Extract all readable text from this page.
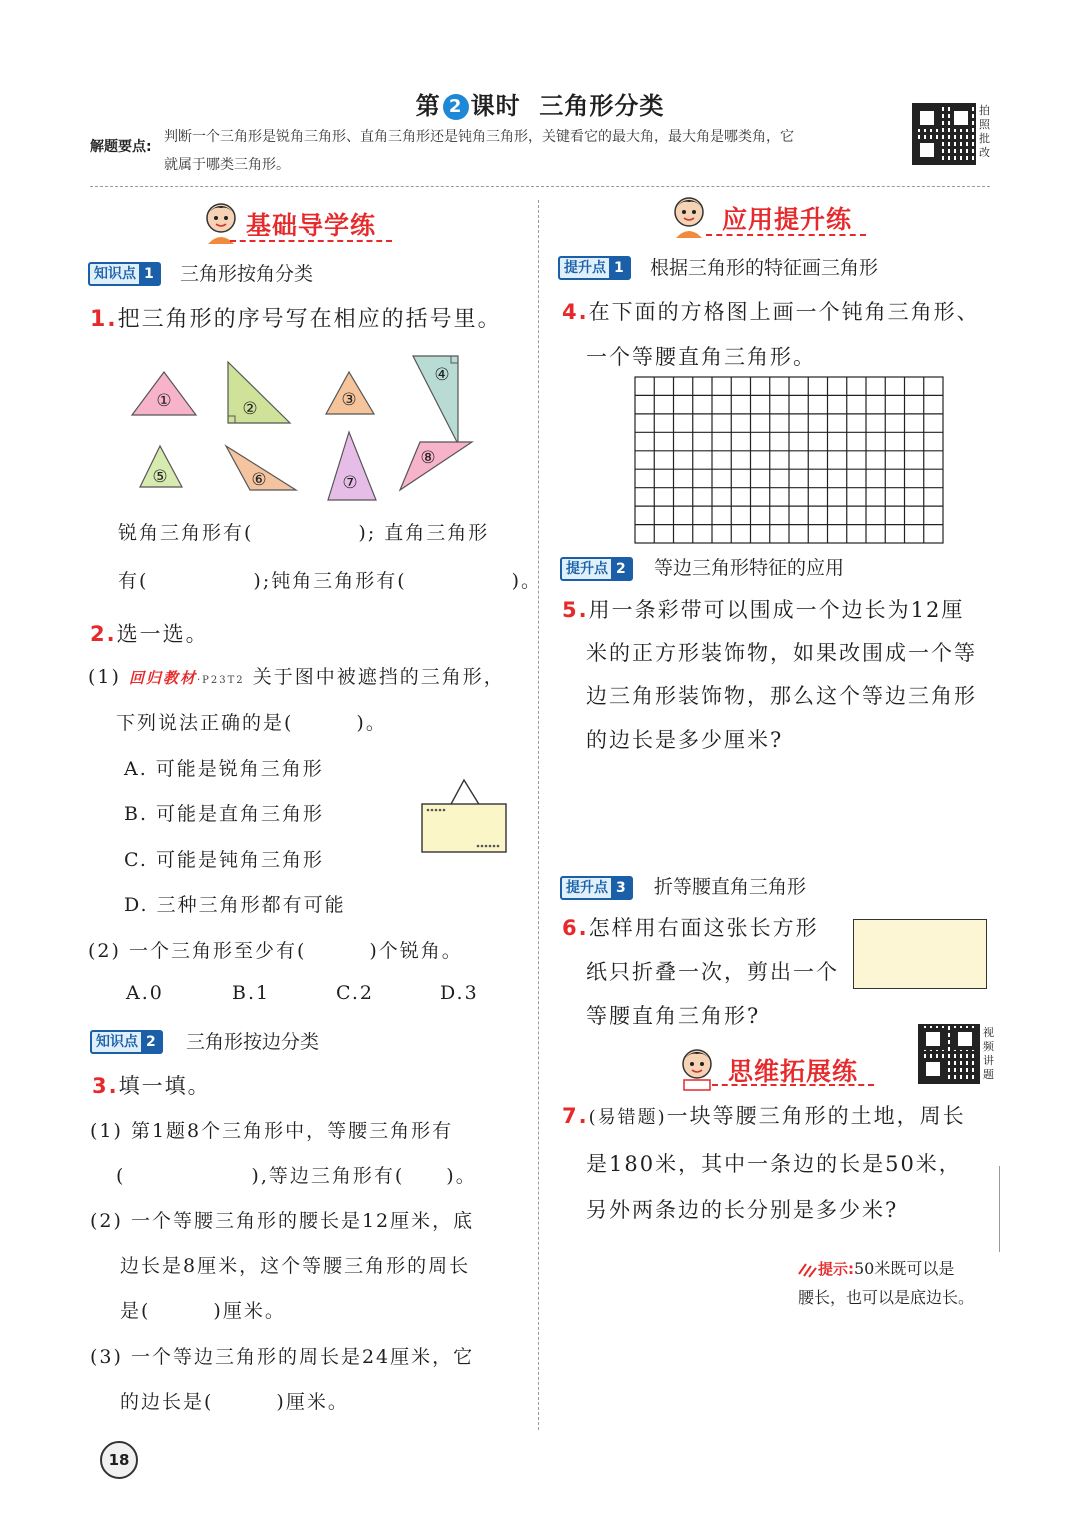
第 2 课时 三角形分类
解题要点:
判断一个三角形是锐角三角形、直角三角形还是钝角三角形，关键看它的最大角，最大角是哪类角，它
就属于哪类三角形。
拍照批改
基础导学练
知识点 1	三角形按角分类
1.把三角形的序号写在相应的括号里。
①	②	③
④
⑤	⑥	⑦
⑧
锐角三角形有(　　　　　); 直角三角形
有(　　　　　);钝角三角形有(　　　　　)。
2.选一选。
(1) 回归教材·P23T2 关于图中被遮挡的三角形，
下列说法正确的是(　　　)。
A. 可能是锐角三角形
B. 可能是直角三角形
C. 可能是钝角三角形
D. 三种三角形都有可能
(2) 一个三角形至少有(　　　)个锐角。
A.0	B.1	C.2	D.3
知识点 2	三角形按边分类
3.填一填。
(1) 第1题8个三角形中，等腰三角形有
(　　　　　　),等边三角形有(　　)。
(2) 一个等腰三角形的腰长是12厘米，底
边长是8厘米，这个等腰三角形的周长
是(　　　)厘米。
(3) 一个等边三角形的周长是24厘米，它
的边长是(　　　)厘米。
18
应用提升练
提升点 1	根据三角形的特征画三角形
4.在下面的方格图上画一个钝角三角形、
一个等腰直角三角形。
提升点 2	等边三角形特征的应用
5.用一条彩带可以围成一个边长为12厘
米的正方形装饰物，如果改围成一个等
边三角形装饰物，那么这个等边三角形
的边长是多少厘米?
提升点 3	折等腰直角三角形
6.怎样用右面这张长方形
纸只折叠一次，剪出一个
等腰直角三角形?
视频讲题
思维拓展练
7.(易错题)一块等腰三角形的土地，周长
是180米，其中一条边的长是50米，
另外两条边的长分别是多少米?
提示:50米既可以是
腰长，也可以是底边长。
